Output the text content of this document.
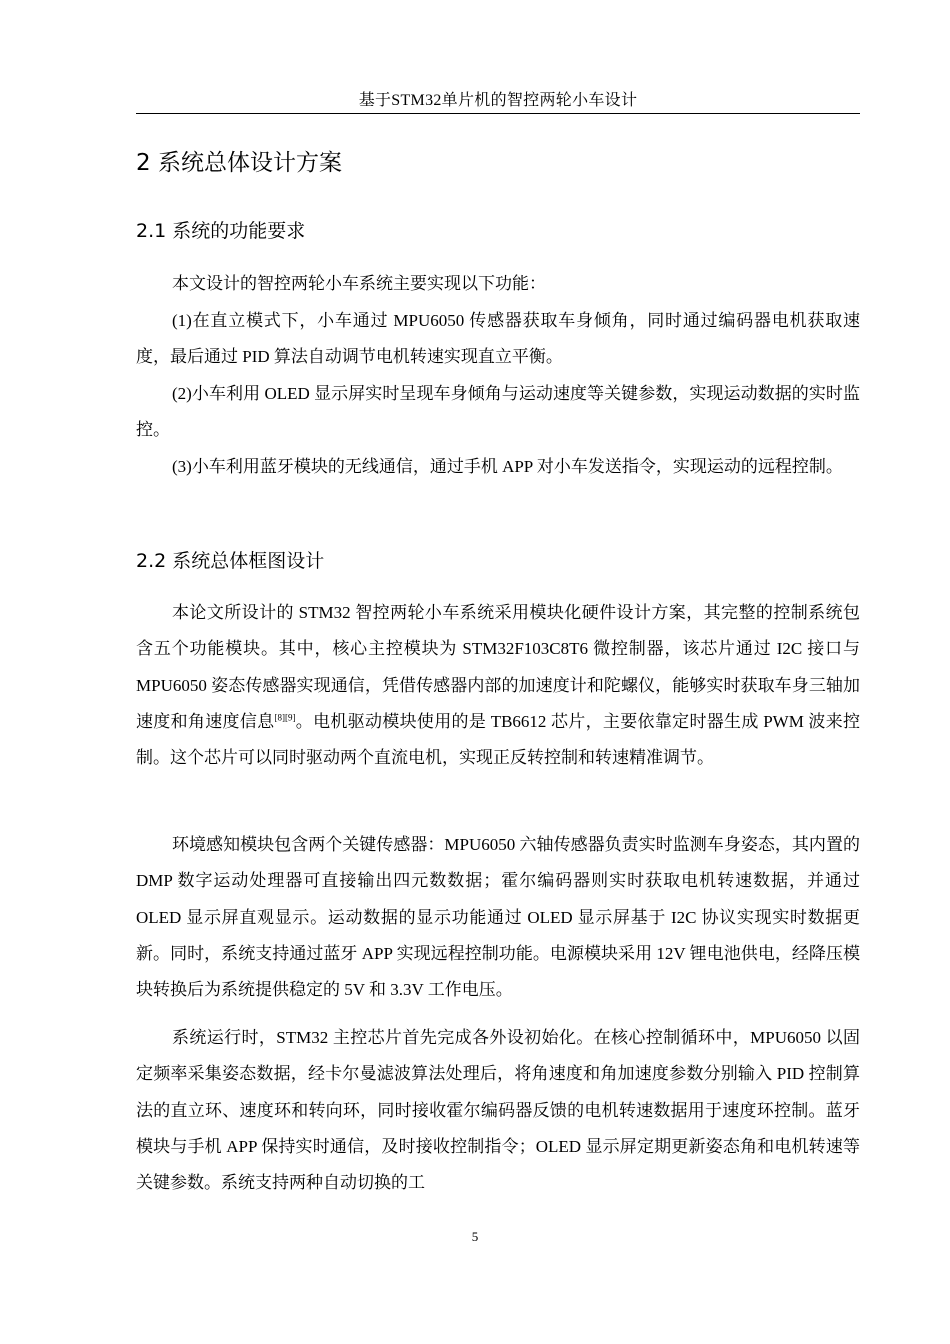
基于STM32单片机的智控两轮小车设计
2 系统总体设计方案
2.1 系统的功能要求

本文设计的智控两轮小车系统主要实现以下功能：

(1)在直立模式下，小车通过 MPU6050 传感器获取车身倾角，同时通过编码器电机获取速度，最后通过 PID 算法自动调节电机转速实现直立平衡。

(2)小车利用 OLED 显示屏实时呈现车身倾角与运动速度等关键参数，实现运动数据的实时监控。

(3)小车利用蓝牙模块的无线通信，通过手机 APP 对小车发送指令，实现运动的远程控制。

2.2 系统总体框图设计

本论文所设计的 STM32 智控两轮小车系统采用模块化硬件设计方案，其完整的控制系统包含五个功能模块。其中，核心主控模块为 STM32F103C8T6 微控制器，该芯片通过 I2C 接口与 MPU6050 姿态传感器实现通信，凭借传感器内部的加速度计和陀螺仪，能够实时获取车身三轴加速度和角速度信息[8][9]。电机驱动模块使用的是 TB6612 芯片，主要依靠定时器生成 PWM 波来控制。这个芯片可以同时驱动两个直流电机，实现正反转控制和转速精准调节。

环境感知模块包含两个关键传感器：MPU6050 六轴传感器负责实时监测车身姿态，其内置的 DMP 数字运动处理器可直接输出四元数数据；霍尔编码器则实时获取电机转速数据，并通过 OLED 显示屏直观显示。运动数据的显示功能通过 OLED 显示屏基于 I2C 协议实现实时数据更新。同时，系统支持通过蓝牙 APP 实现远程控制功能。电源模块采用 12V 锂电池供电，经降压模块转换后为系统提供稳定的 5V 和 3.3V 工作电压。

系统运行时，STM32 主控芯片首先完成各外设初始化。在核心控制循环中，MPU6050 以固定频率采集姿态数据，经卡尔曼滤波算法处理后，将角速度和角加速度参数分别输入 PID 控制算法的直立环、速度环和转向环，同时接收霍尔编码器反馈的电机转速数据用于速度环控制。蓝牙模块与手机 APP 保持实时通信，及时接收控制指令；OLED 显示屏定期更新姿态角和电机转速等关键参数。系统支持两种自动切换的工

5
